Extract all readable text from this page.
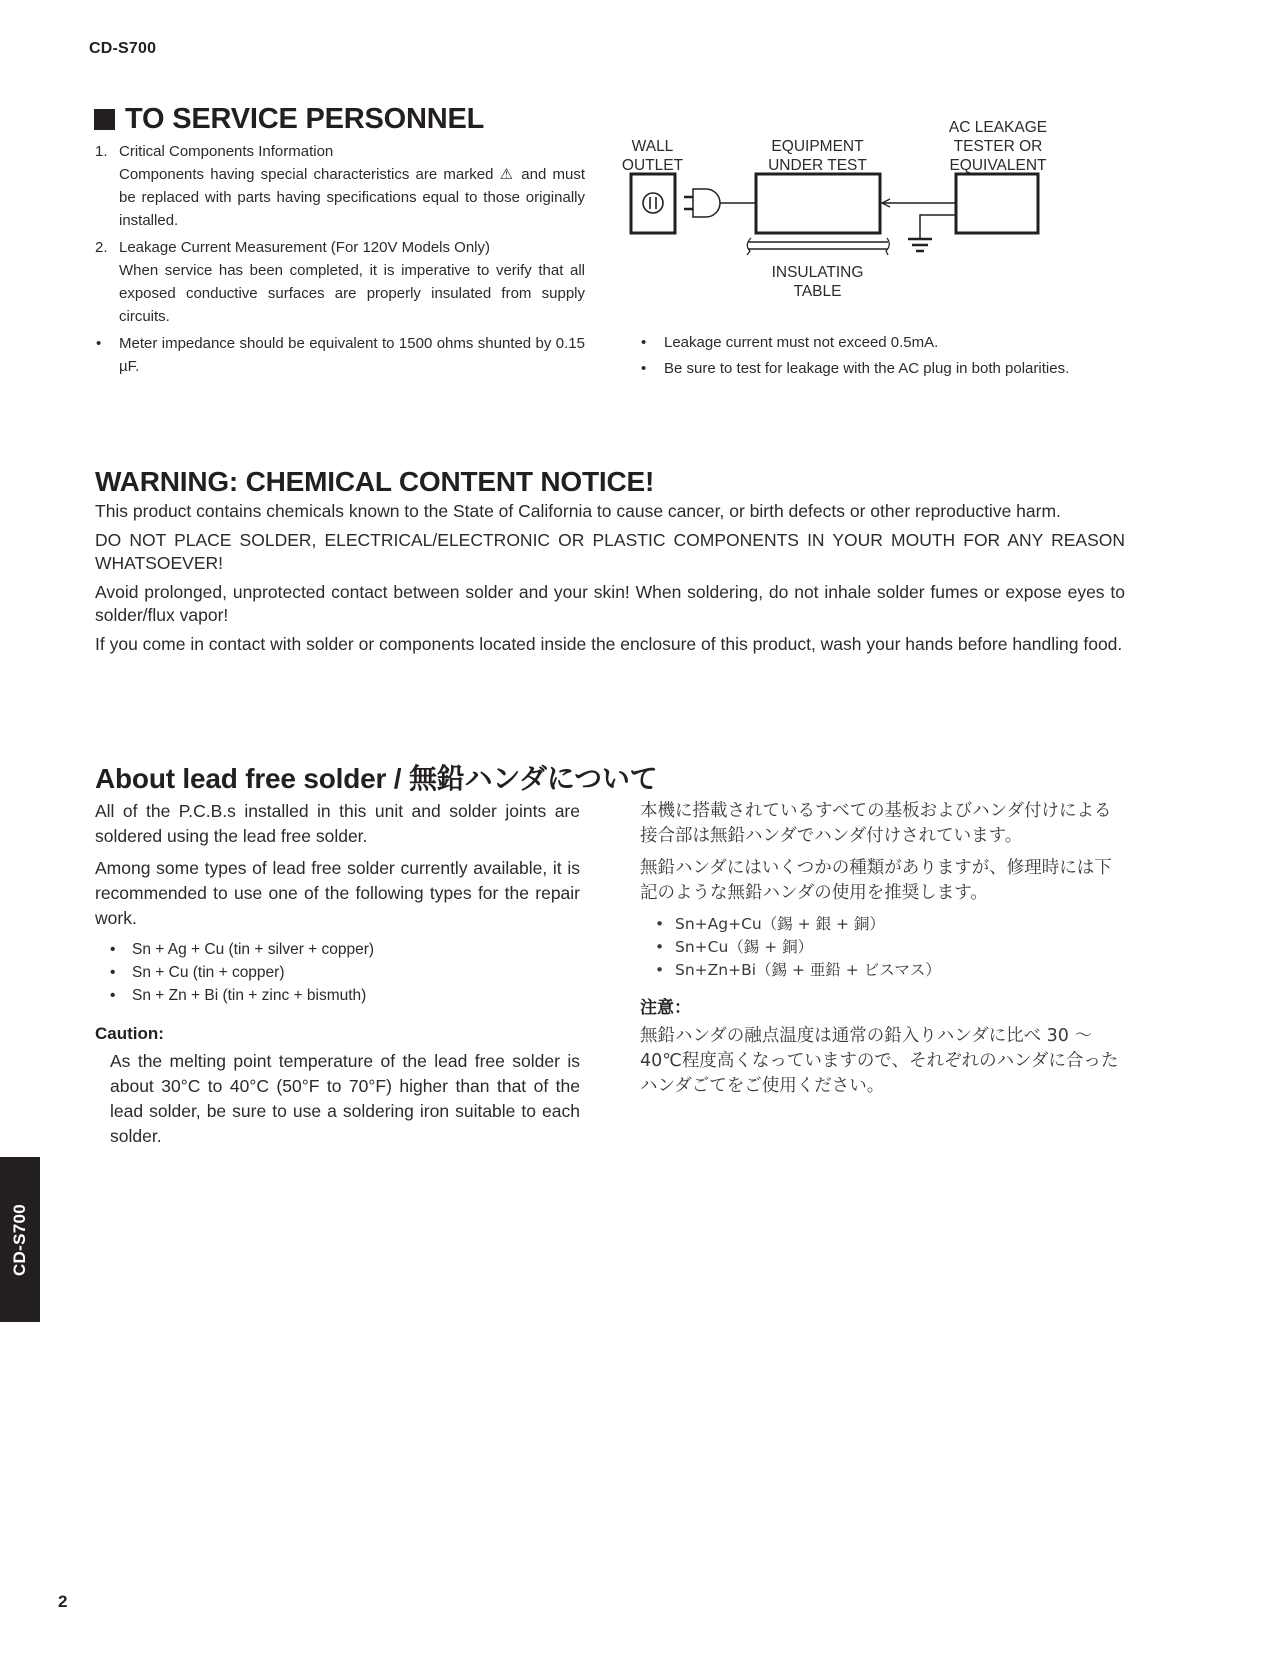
CD-S700
TO SERVICE PERSONNEL
1. Critical Components Information
Components having special characteristics are marked ⚠ and must be replaced with parts having specifications equal to those originally installed.
2. Leakage Current Measurement (For 120V Models Only)
When service has been completed, it is imperative to verify that all exposed conductive surfaces are properly insulated from supply circuits.
• Meter impedance should be equivalent to 1500 ohms shunted by 0.15 µF.
WALL
OUTLET
EQUIPMENT
UNDER TEST
AC LEAKAGE
TESTER OR
EQUIVALENT
INSULATING
TABLE
• Leakage current must not exceed 0.5mA.
• Be sure to test for leakage with the AC plug in both polarities.
WARNING: CHEMICAL CONTENT NOTICE!

This product contains chemicals known to the State of California to cause cancer, or birth defects or other reproductive harm.

DO NOT PLACE SOLDER, ELECTRICAL/ELECTRONIC OR PLASTIC COMPONENTS IN YOUR MOUTH FOR ANY REASON WHATSOEVER!

Avoid prolonged, unprotected contact between solder and your skin! When soldering, do not inhale solder fumes or expose eyes to solder/flux vapor!

If you come in contact with solder or components located inside the enclosure of this product, wash your hands before handling food.

About lead free solder / 無鉛ハンダについて

All of the P.C.B.s installed in this unit and solder joints are soldered using the lead free solder.

Among some types of lead free solder currently available, it is recommended to use one of the following types for the repair work.

• Sn + Ag + Cu (tin + silver + copper)
• Sn + Cu (tin + copper)
• Sn + Zn + Bi (tin + zinc + bismuth)
Caution:
As the melting point temperature of the lead free solder is about 30°C to 40°C (50°F to 70°F) higher than that of the lead solder, be sure to use a soldering iron suitable to each solder.

本機に搭載されているすべての基板およびハンダ付けによる接合部は無鉛ハンダでハンダ付けされています。

無鉛ハンダにはいくつかの種類がありますが、修理時には下記のような無鉛ハンダの使用を推奨します。

• Sn+Ag+Cu（錫 + 銀 + 銅）
• Sn+Cu（錫 + 銅）
• Sn+Zn+Bi（錫 + 亜鉛 + ビスマス）
注意：
無鉛ハンダの融点温度は通常の鉛入りハンダに比べ 30 〜 40℃程度高くなっていますので、それぞれのハンダに合ったハンダごてをご使用ください。
CD-S700
2
